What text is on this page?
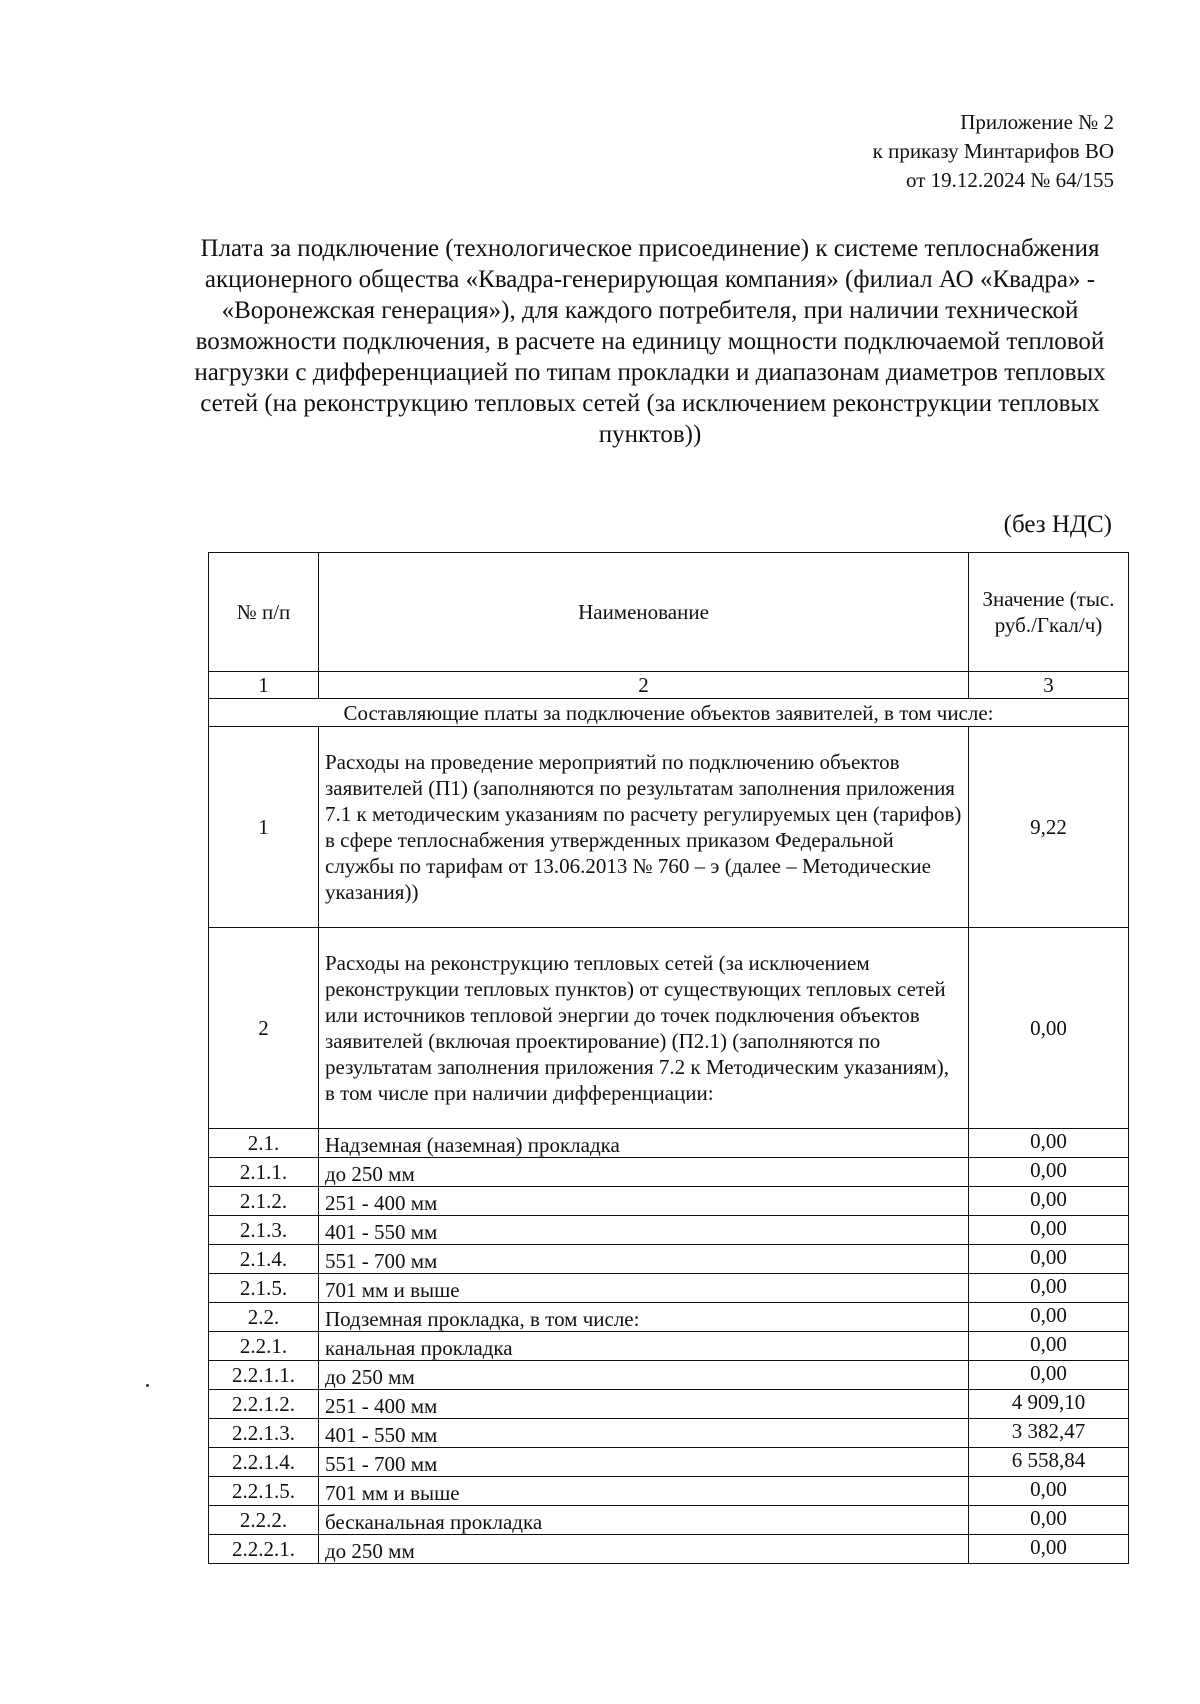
Приложение № 2
к приказу Минтарифов ВО
от 19.12.2024 № 64/155
Плата за подключение (технологическое присоединение) к системе теплоснабжения акционерного общества «Квадра-генерирующая компания» (филиал АО «Квадра» - «Воронежская генерация»), для каждого потребителя, при наличии технической возможности подключения, в расчете на единицу мощности подключаемой тепловой нагрузки с дифференциацией по типам прокладки и диапазонам диаметров тепловых сетей (на реконструкцию тепловых сетей (за исключением реконструкции тепловых пунктов))
(без НДС)
№ п/п	Наименование	Значение (тыс. руб./Гкал/ч)
1	2	3
Составляющие платы за подключение объектов заявителей, в том числе:		
1	Расходы на проведение мероприятий по подключению объектов заявителей (П1) (заполняются по результатам заполнения приложения 7.1 к методическим указаниям по расчету регулируемых цен (тарифов) в сфере теплоснабжения утвержденных приказом Федеральной службы по тарифам от 13.06.2013 № 760 – э (далее – Методические указания))	9,22
2	Расходы на реконструкцию тепловых сетей (за исключением реконструкции тепловых пунктов) от существующих тепловых сетей или источников тепловой энергии до точек подключения объектов заявителей (включая проектирование) (П2.1) (заполняются по результатам заполнения приложения 7.2 к Методическим указаниям), в том числе при наличии дифференциации:	0,00
2.1.	Надземная (наземная) прокладка	0,00
2.1.1.	до 250 мм	0,00
2.1.2.	251 - 400 мм	0,00
2.1.3.	401 - 550 мм	0,00
2.1.4.	551 - 700 мм	0,00
2.1.5.	701 мм и выше	0,00
2.2.	Подземная прокладка, в том числе:	0,00
2.2.1.	канальная прокладка	0,00
2.2.1.1.	до 250 мм	0,00
2.2.1.2.	251 - 400 мм	4 909,10
2.2.1.3.	401 - 550 мм	3 382,47
2.2.1.4.	551 - 700 мм	6 558,84
2.2.1.5.	701 мм и выше	0,00
2.2.2.	бесканальная прокладка	0,00
2.2.2.1.	до 250 мм	0,00
